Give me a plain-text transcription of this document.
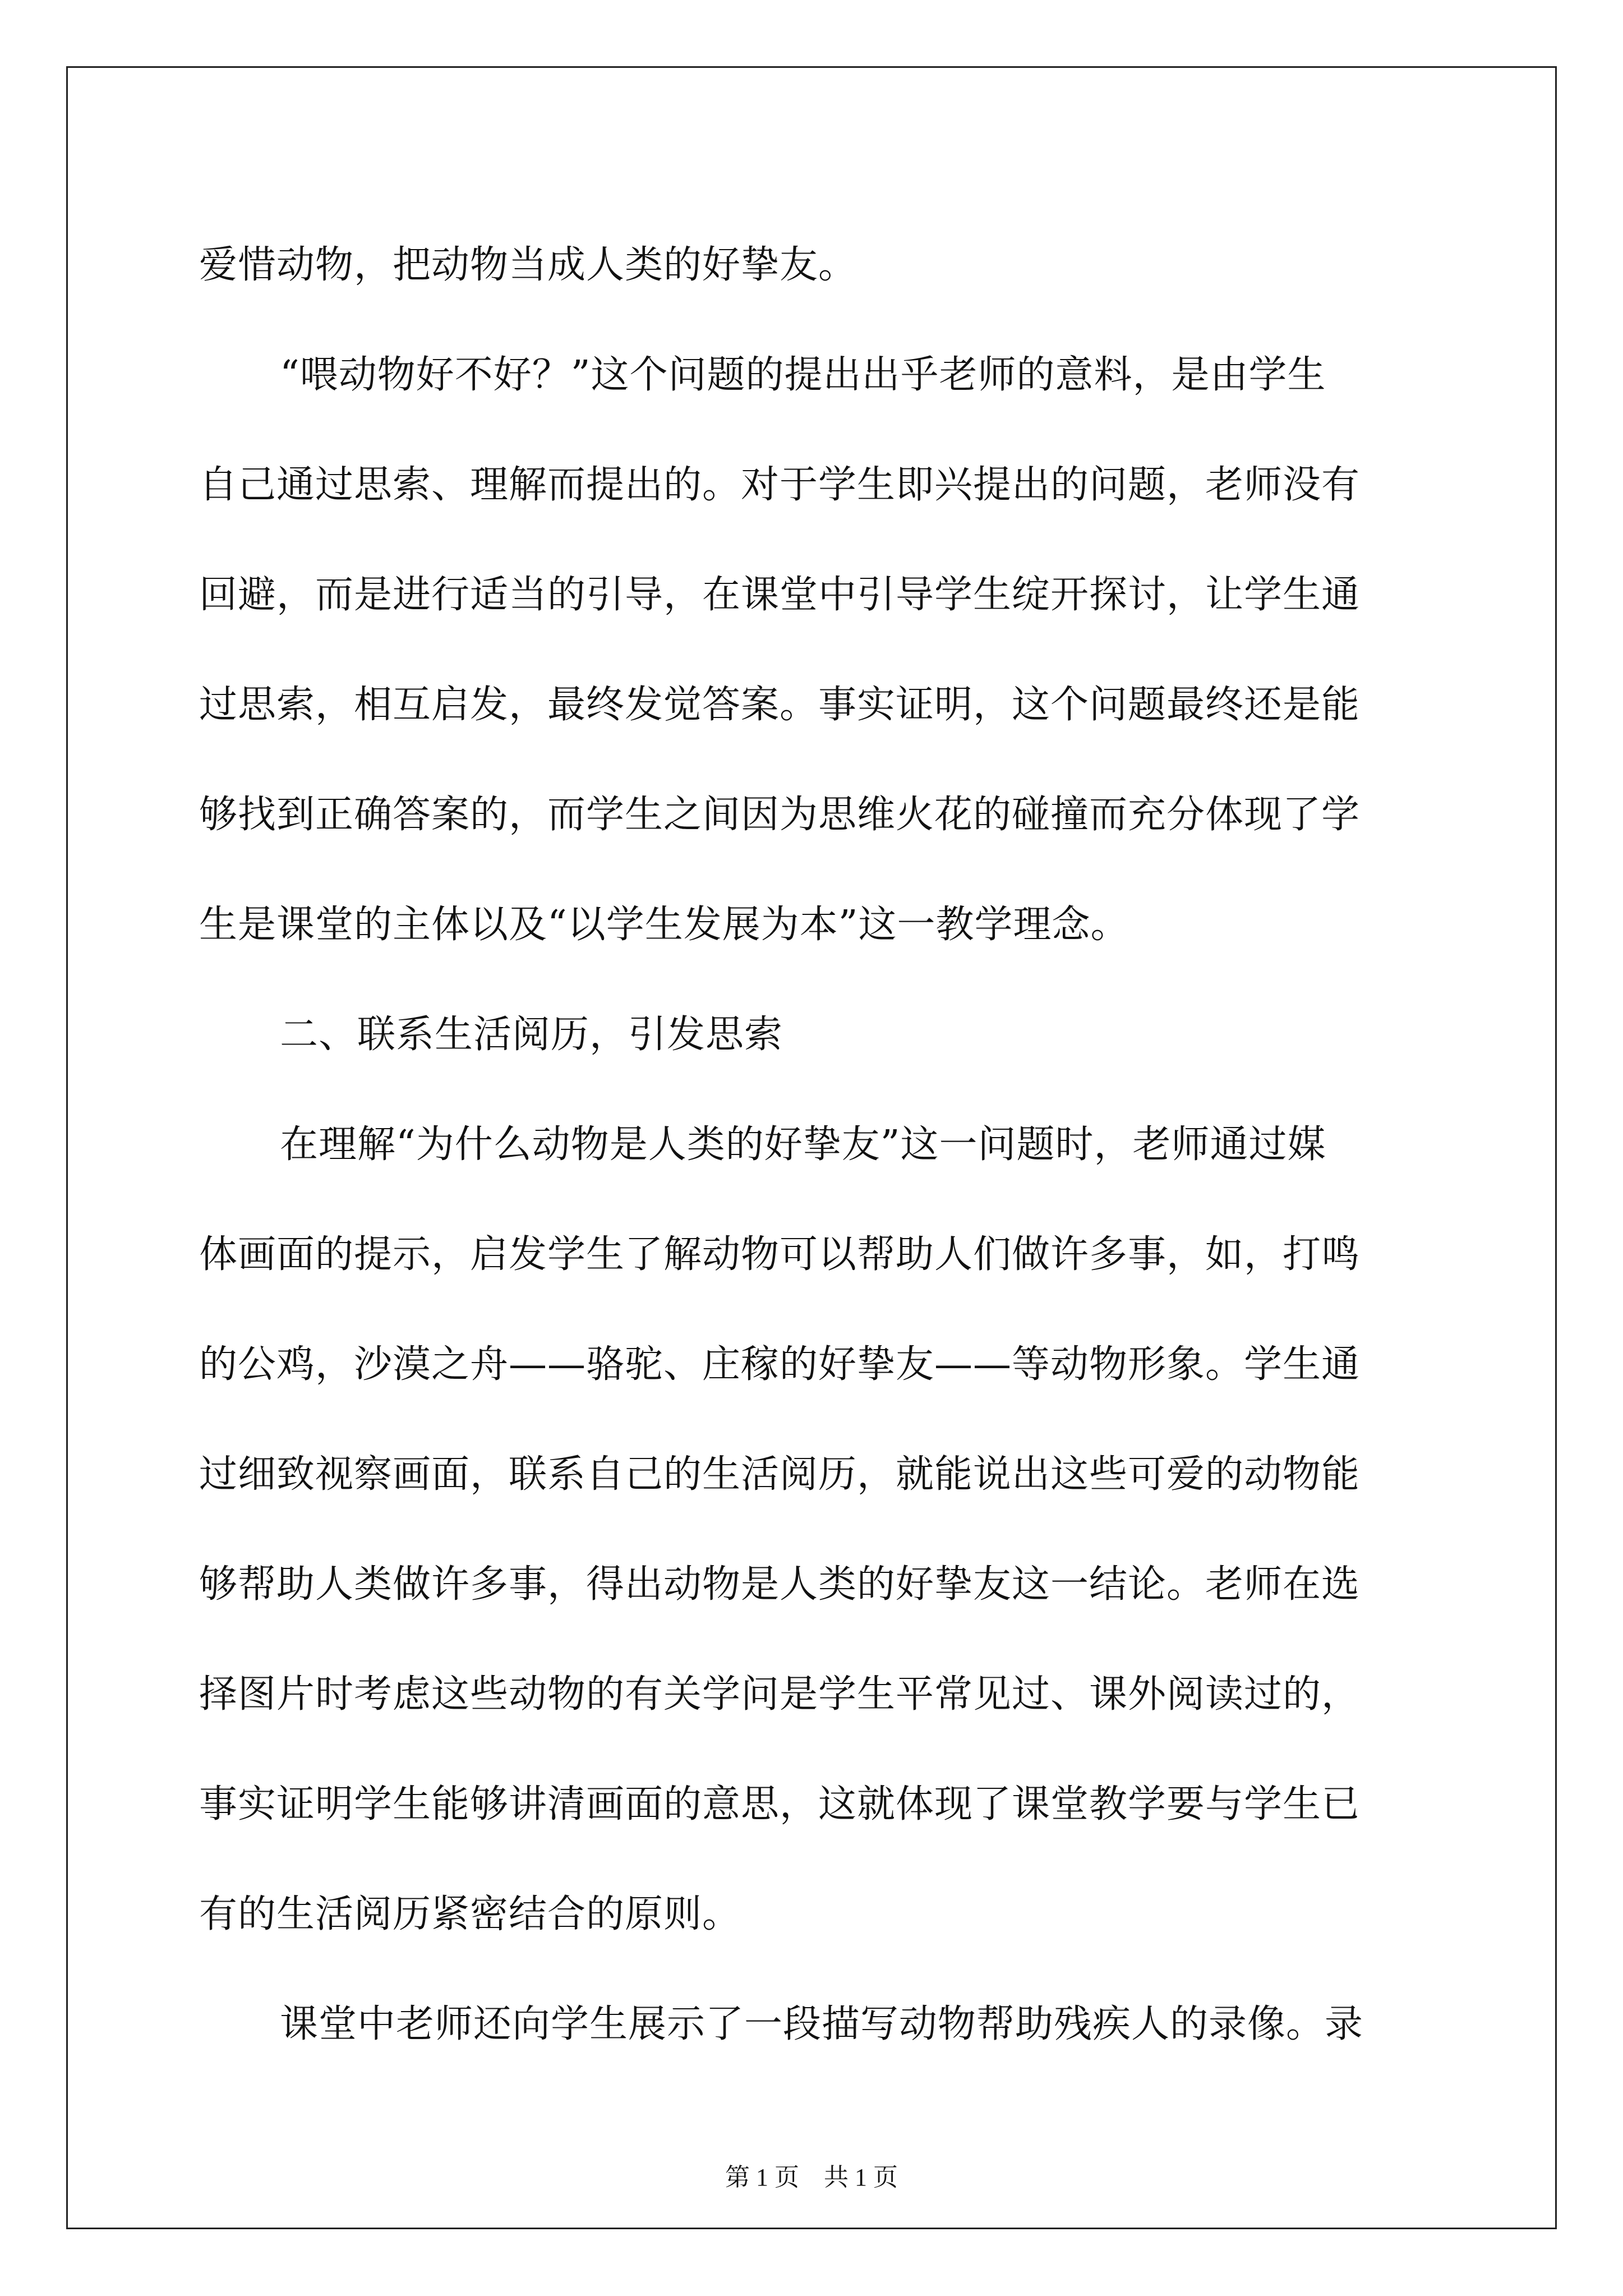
爱惜动物，把动物当成人类的好挚友。
“喂动物好不好？”这个问题的提出出乎老师的意料，是由学生
自己通过思索、理解而提出的。对于学生即兴提出的问题，老师没有
回避，而是进行适当的引导，在课堂中引导学生绽开探讨，让学生通
过思索，相互启发，最终发觉答案。事实证明，这个问题最终还是能
够找到正确答案的，而学生之间因为思维火花的碰撞而充分体现了学
生是课堂的主体以及“以学生发展为本”这一教学理念。
二、联系生活阅历，引发思索
在理解“为什么动物是人类的好挚友”这一问题时，老师通过媒
体画面的提示，启发学生了解动物可以帮助人们做许多事，如，打鸣
的公鸡，沙漠之舟——骆驼、庄稼的好挚友——等动物形象。学生通
过细致视察画面，联系自己的生活阅历，就能说出这些可爱的动物能
够帮助人类做许多事，得出动物是人类的好挚友这一结论。老师在选
择图片时考虑这些动物的有关学问是学生平常见过、课外阅读过的，
事实证明学生能够讲清画面的意思，这就体现了课堂教学要与学生已
有的生活阅历紧密结合的原则。
课堂中老师还向学生展示了一段描写动物帮助残疾人的录像。录
第 1 页　共 1 页
